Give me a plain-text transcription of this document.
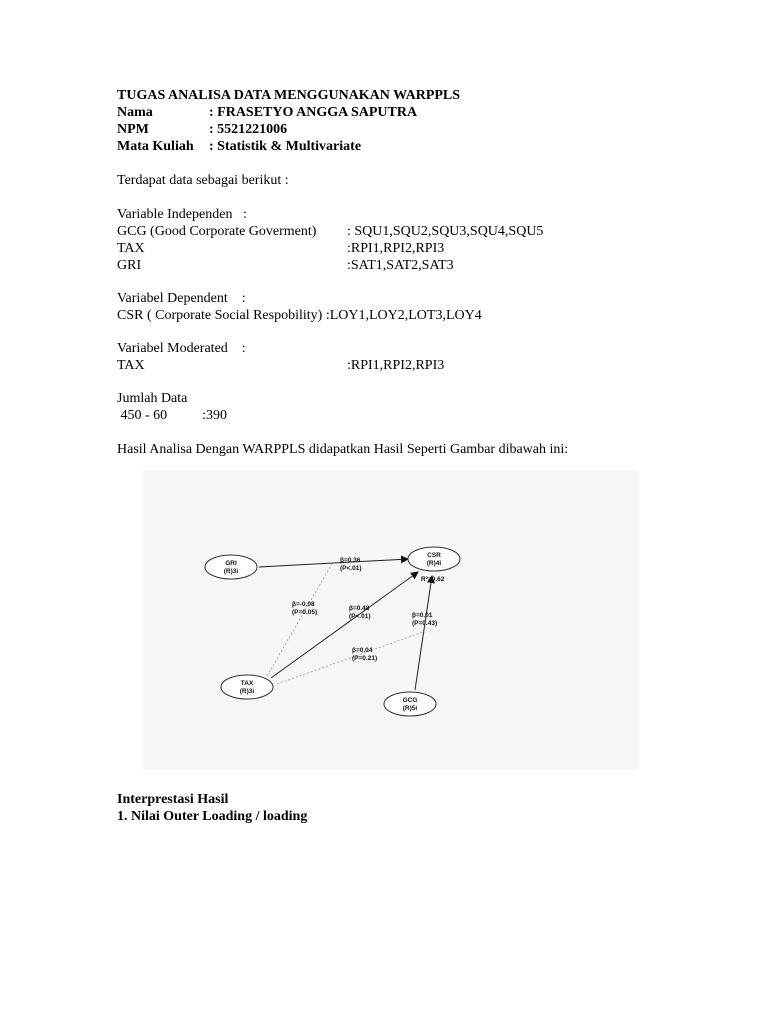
TUGAS ANALISA DATA MENGGUNAKAN WARPPLS
Nama	: FRASETYO ANGGA SAPUTRA
NPM	: 5521221006
Mata Kuliah : Statistik & Multivariate
Terdapat data sebagai berikut :
Variable Independen   :
GCG (Good Corporate Goverment) : SQU1,SQU2,SQU3,SQU4,SQU5
TAX	:RPI1,RPI2,RPI3
GRI	:SAT1,SAT2,SAT3
Variabel Dependent    :
CSR ( Corporate Social Respobility) :LOY1,LOY2,LOT3,LOY4
Variabel Moderated    :
TAX	:RPI1,RPI2,RPI3
Jumlah Data
450 - 60          :390
Hasil Analisa Dengan WARPPLS didapatkan Hasil Seperti Gambar dibawah ini:
GRI
(R)3i
CSR
(R)4i
TAX
(R)3i
GCG
(R)5i
R²=0.62
β=0.36
(P<.01)
β=-0.08
(P=0.05)
β=0.48
(P<.01)	β=0.01
(P=0.43)
β=0.04
(P=0.21)
Interprestasi Hasil
1. Nilai Outer Loading / loading
